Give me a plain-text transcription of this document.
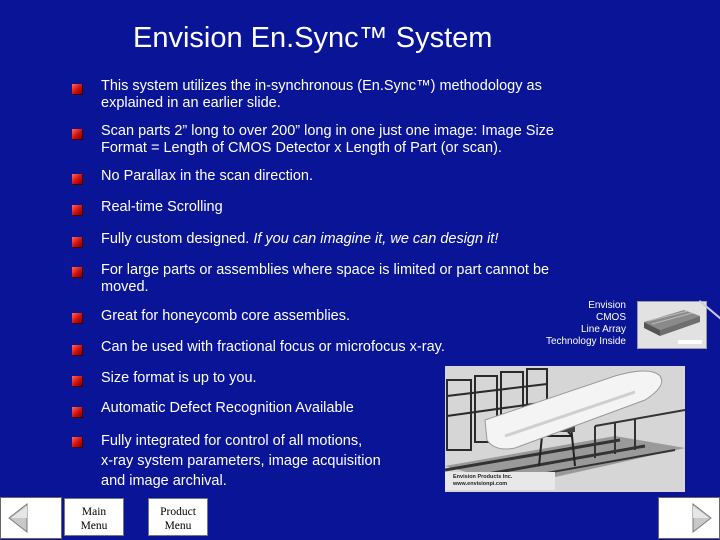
Envision En.Sync™ System
This system utilizes the in-synchronous (En.Sync™) methodology as
explained in an earlier slide.
Scan parts 2” long to over 200” long in one just one image: Image Size
Format = Length of CMOS Detector x Length of Part (or scan).
No Parallax in the scan direction.
Real-time Scrolling
Fully custom designed. If you can imagine it, we can design it!
For large parts or assemblies where space is limited or part cannot be
moved.
Great for honeycomb core assemblies.
Can be used with fractional focus or microfocus x-ray.
Size format is up to you.
Automatic Defect Recognition Available
Fully integrated for control of all motions,
x-ray system parameters, image acquisition
and image archival.
Envision
CMOS
Line Array
Technology Inside
Envision Products Inc.
www.envisionpi.com
Main
Menu
Product
Menu
